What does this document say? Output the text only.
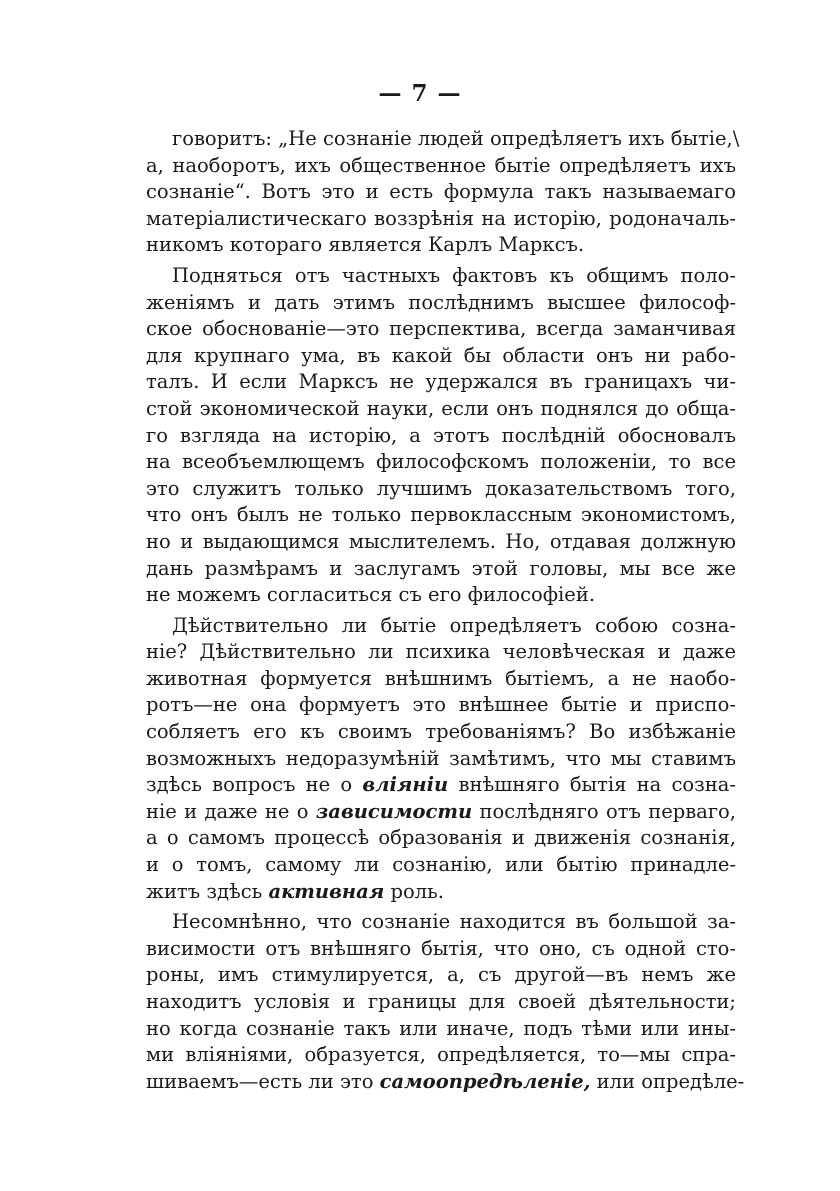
— 7 —
говоритъ: „Не сознаніе людей опредѣляетъ ихъ бытіе,\
а, наоборотъ, ихъ общественное бытіе опредѣляетъ ихъ
сознаніе“. Вотъ это и есть формула такъ называемаго
матеріалистическаго воззрѣнія на исторію, родоначаль-
никомъ котораго является Карлъ Марксъ.
Подняться отъ частныхъ фактовъ къ общимъ поло-
женіямъ и дать этимъ послѣднимъ высшее философ-
ское обоснованіе—это перспектива, всегда заманчивая
для крупнаго ума, въ какой бы области онъ ни рабо-
талъ. И если Марксъ не удержался въ границахъ чи-
стой экономической науки, если онъ поднялся до обща-
го взгляда на исторію, а этотъ послѣдній обосновалъ
на всеобъемлющемъ философскомъ положеніи, то все
это служитъ только лучшимъ доказательствомъ того,
что онъ былъ не только первоклассным экономистомъ,
но и выдающимся мыслителемъ. Но, отдавая должную
дань размѣрамъ и заслугамъ этой головы, мы все же
не можемъ согласиться съ его философіей.
Дѣйствительно ли бытіе опредѣляетъ собою созна-
ніе? Дѣйствительно ли психика человѣческая и даже
животная формуется внѣшнимъ бытіемъ, а не наобо-
ротъ—не она формуетъ это внѣшнее бытіе и приспо-
собляетъ его къ своимъ требованіямъ? Во избѣжаніе
возможныхъ недоразумѣній замѣтимъ, что мы ставимъ
здѣсь вопросъ не о влiянiи внѣшняго бытія на созна-
ніе и даже не о зависимости послѣдняго отъ перваго,
а о самомъ процессѣ образованія и движенія сознанія,
и о томъ, самому ли сознанію, или бытію принадле-
житъ здѣсь активная роль.
Несомнѣнно, что сознаніе находится въ большой за-
висимости отъ внѣшняго бытія, что оно, съ одной сто-
роны, имъ стимулируется, а, съ другой—въ немъ же
находитъ условія и границы для своей дѣятельности;
но когда сознаніе такъ или иначе, подъ тѣми или ины-
ми вліяніями, образуется, опредѣляется, то—мы спра-
шиваемъ—есть ли это самоопредѣленіе, или опредѣле-
